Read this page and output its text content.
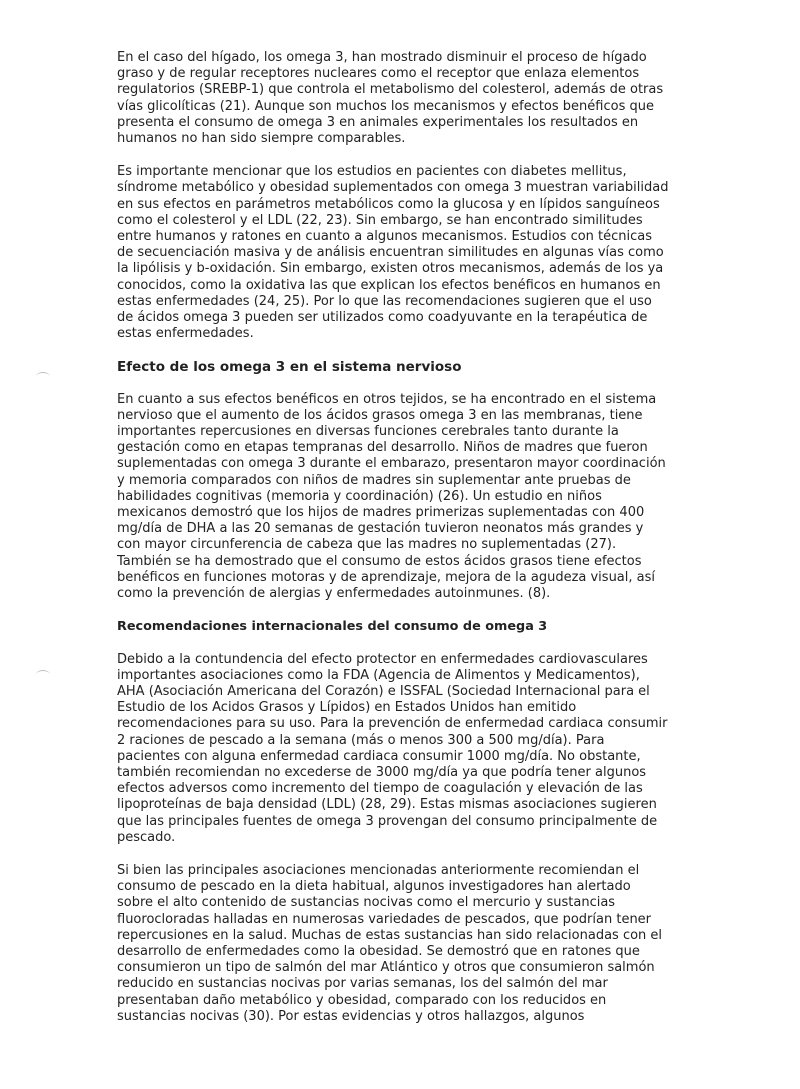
En el caso del hígado, los omega 3, han mostrado disminuir el proceso de hígado
graso y de regular receptores nucleares como el receptor que enlaza elementos
regulatorios (SREBP-1) que controla el metabolismo del colesterol, además de otras
vías glicolíticas (21). Aunque son muchos los mecanismos y efectos benéficos que
presenta el consumo de omega 3 en animales experimentales los resultados en
humanos no han sido siempre comparables.

Es importante mencionar que los estudios en pacientes con diabetes mellitus,
síndrome metabólico y obesidad suplementados con omega 3 muestran variabilidad
en sus efectos en parámetros metabólicos como la glucosa y en lípidos sanguíneos
como el colesterol y el LDL (22, 23). Sin embargo, se han encontrado similitudes
entre humanos y ratones en cuanto a algunos mecanismos. Estudios con técnicas
de secuenciación masiva y de análisis encuentran similitudes en algunas vías como
la lipólisis y b-oxidación. Sin embargo, existen otros mecanismos, además de los ya
conocidos, como la oxidativa las que explican los efectos benéficos en humanos en
estas enfermedades (24, 25). Por lo que las recomendaciones sugieren que el uso
de ácidos omega 3 pueden ser utilizados como coadyuvante en la terapéutica de
estas enfermedades.

Efecto de los omega 3 en el sistema nervioso

En cuanto a sus efectos benéficos en otros tejidos, se ha encontrado en el sistema
nervioso que el aumento de los ácidos grasos omega 3 en las membranas, tiene
importantes repercusiones en diversas funciones cerebrales tanto durante la
gestación como en etapas tempranas del desarrollo. Niños de madres que fueron
suplementadas con omega 3 durante el embarazo, presentaron mayor coordinación
y memoria comparados con niños de madres sin suplementar ante pruebas de
habilidades cognitivas (memoria y coordinación) (26). Un estudio en niños
mexicanos demostró que los hijos de madres primerizas suplementadas con 400
mg/día de DHA a las 20 semanas de gestación tuvieron neonatos más grandes y
con mayor circunferencia de cabeza que las madres no suplementadas (27).
También se ha demostrado que el consumo de estos ácidos grasos tiene efectos
benéficos en funciones motoras y de aprendizaje, mejora de la agudeza visual, así
como la prevención de alergias y enfermedades autoinmunes. (8).

Recomendaciones internacionales del consumo de omega 3

Debido a la contundencia del efecto protector en enfermedades cardiovasculares
importantes asociaciones como la FDA (Agencia de Alimentos y Medicamentos),
AHA (Asociación Americana del Corazón) e ISSFAL (Sociedad Internacional para el
Estudio de los Acidos Grasos y Lípidos) en Estados Unidos han emitido
recomendaciones para su uso. Para la prevención de enfermedad cardiaca consumir
2 raciones de pescado a la semana (más o menos 300 a 500 mg/día). Para
pacientes con alguna enfermedad cardiaca consumir 1000 mg/día. No obstante,
también recomiendan no excederse de 3000 mg/día ya que podría tener algunos
efectos adversos como incremento del tiempo de coagulación y elevación de las
lipoproteínas de baja densidad (LDL) (28, 29). Estas mismas asociaciones sugieren
que las principales fuentes de omega 3 provengan del consumo principalmente de
pescado.

Si bien las principales asociaciones mencionadas anteriormente recomiendan el
consumo de pescado en la dieta habitual, algunos investigadores han alertado
sobre el alto contenido de sustancias nocivas como el mercurio y sustancias
fluorocloradas halladas en numerosas variedades de pescados, que podrían tener
repercusiones en la salud. Muchas de estas sustancias han sido relacionadas con el
desarrollo de enfermedades como la obesidad. Se demostró que en ratones que
consumieron un tipo de salmón del mar Atlántico y otros que consumieron salmón
reducido en sustancias nocivas por varias semanas, los del salmón del mar
presentaban daño metabólico y obesidad, comparado con los reducidos en
sustancias nocivas (30). Por estas evidencias y otros hallazgos, algunos
